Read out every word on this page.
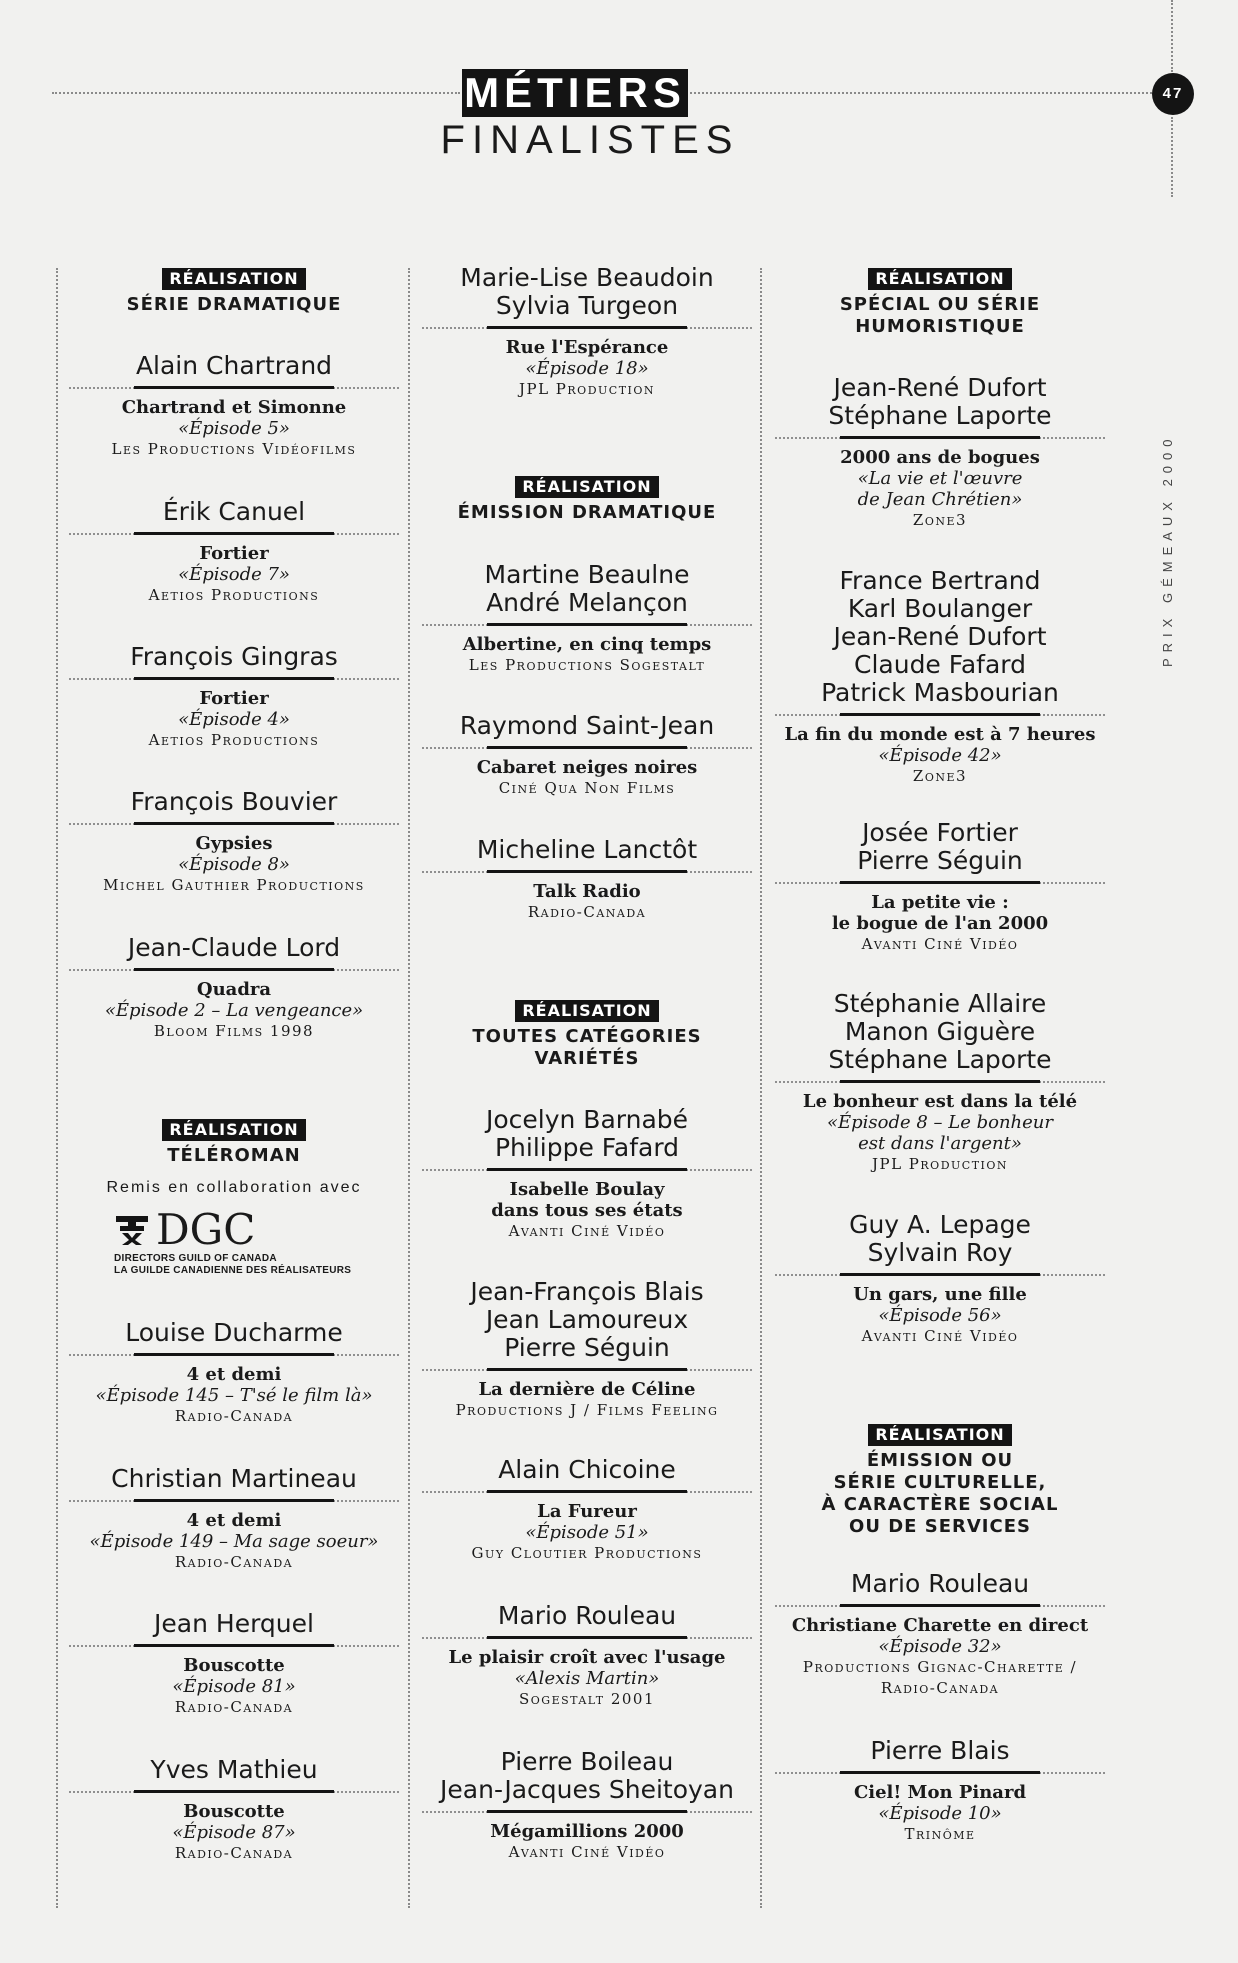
MÉTIERS
FINALISTES
47
PRIX GÉMEAUX 2000
RÉALISATION
SÉRIE DRAMATIQUE
Alain Chartrand
Chartrand et Simonne
«Épisode 5»
Les Productions Vidéofilms
Érik Canuel
Fortier
«Épisode 7»
Aetios Productions
François Gingras
Fortier
«Épisode 4»
Aetios Productions
François Bouvier
Gypsies
«Épisode 8»
Michel Gauthier Productions
Jean-Claude Lord
Quadra
«Épisode 2 – La vengeance»
Bloom Films 1998
RÉALISATION
TÉLÉROMAN
Remis en collaboration avec
DGC
DIRECTORS GUILD OF CANADA
LA GUILDE CANADIENNE DES RÉALISATEURS
Louise Ducharme
4 et demi
«Épisode 145 – T'sé le film là»
Radio-Canada
Christian Martineau
4 et demi
«Épisode 149 – Ma sage soeur»
Radio-Canada
Jean Herquel
Bouscotte
«Épisode 81»
Radio-Canada
Yves Mathieu
Bouscotte
«Épisode 87»
Radio-Canada
Marie-Lise Beaudoin
Sylvia Turgeon
Rue l'Espérance
«Épisode 18»
JPL Production
RÉALISATION
ÉMISSION DRAMATIQUE
Martine Beaulne
André Melançon
Albertine, en cinq temps
Les Productions Sogestalt
Raymond Saint-Jean
Cabaret neiges noires
Ciné Qua Non Films
Micheline Lanctôt
Talk Radio
Radio-Canada
RÉALISATION
TOUTES CATÉGORIES
VARIÉTÉS
Jocelyn Barnabé
Philippe Fafard
Isabelle Boulay
dans tous ses états
Avanti Ciné Vidéo
Jean-François Blais
Jean Lamoureux
Pierre Séguin
La dernière de Céline
Productions J / Films Feeling
Alain Chicoine
La Fureur
«Épisode 51»
Guy Cloutier Productions
Mario Rouleau
Le plaisir croît avec l'usage
«Alexis Martin»
Sogestalt 2001
Pierre Boileau
Jean-Jacques Sheitoyan
Mégamillions 2000
Avanti Ciné Vidéo
RÉALISATION
SPÉCIAL OU SÉRIE
HUMORISTIQUE
Jean-René Dufort
Stéphane Laporte
2000 ans de bogues
«La vie et l'œuvre
de Jean Chrétien»
Zone3
France Bertrand
Karl Boulanger
Jean-René Dufort
Claude Fafard
Patrick Masbourian
La fin du monde est à 7 heures
«Épisode 42»
Zone3
Josée Fortier
Pierre Séguin
La petite vie :
le bogue de l'an 2000
Avanti Ciné Vidéo
Stéphanie Allaire
Manon Giguère
Stéphane Laporte
Le bonheur est dans la télé
«Épisode 8 – Le bonheur
est dans l'argent»
JPL Production
Guy A. Lepage
Sylvain Roy
Un gars, une fille
«Épisode 56»
Avanti Ciné Vidéo
RÉALISATION
ÉMISSION OU
SÉRIE CULTURELLE,
À CARACTÈRE SOCIAL
OU DE SERVICES
Mario Rouleau
Christiane Charette en direct
«Épisode 32»
Productions Gignac-Charette /
Radio-Canada
Pierre Blais
Ciel! Mon Pinard
«Épisode 10»
Trinôme
